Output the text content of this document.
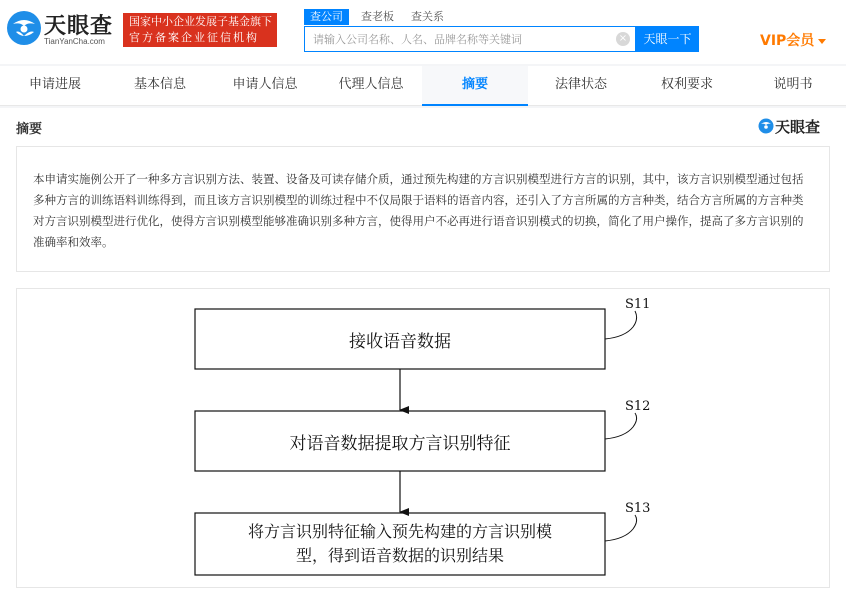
天眼查
TianYanCha.com
国家中小企业发展子基金旗下
官方备案企业征信机构
查公司	查老板 查关系
请输入公司名称、人名、品牌名称等关键词
×	天眼一下	VIP会员
申请进展	基本信息	申请人信息	代理人信息	摘要	法律状态	权利要求	说明书
摘要	天眼查

本申请实施例公开了一种多方言识别方法、装置、设备及可读存储介质，通过预先构建的方言识别模型进行方言的识别，其中，该方言识别模型通过包括多种方言的训练语料训练得到，而且该方言识别模型的训练过程中不仅局限于语料的语音内容，还引入了方言所属的方言种类，结合方言所属的方言种类对方言识别模型进行优化，使得方言识别模型能够准确识别多种方言，使得用户不必再进行语音识别模式的切换，简化了用户操作，提高了多方言识别的准确率和效率。

S11
S12
S13
接收语音数据
对语音数据提取方言识别特征
将方言识别特征输入预先构建的方言识别模
型，得到语音数据的识别结果
